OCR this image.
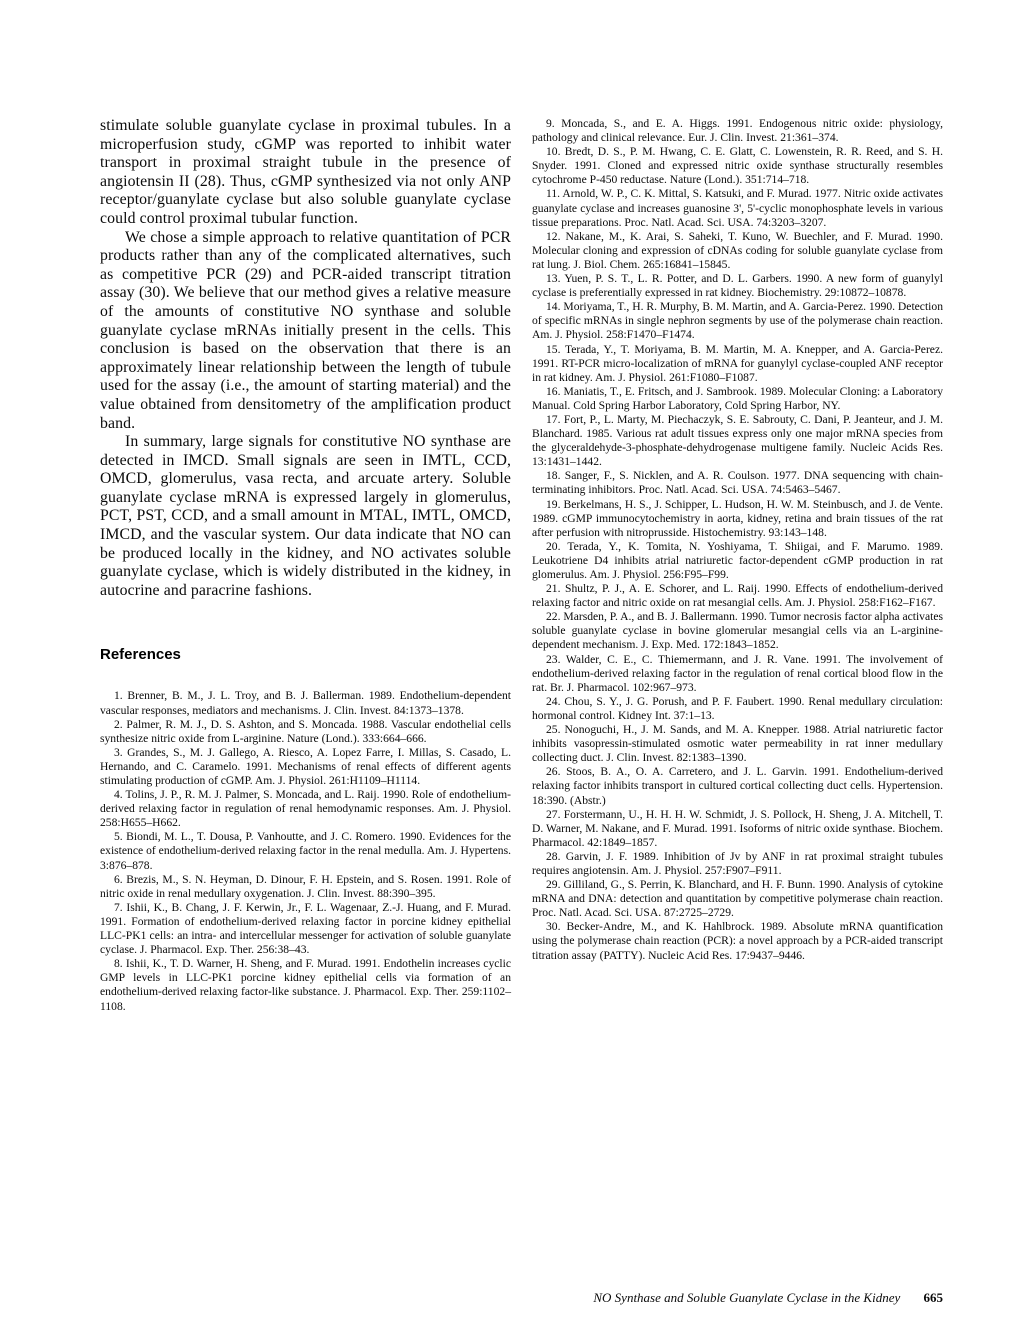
stimulate soluble guanylate cyclase in proximal tubules. In a microperfusion study, cGMP was reported to inhibit water transport in proximal straight tubule in the presence of angiotensin II (28). Thus, cGMP synthesized via not only ANP receptor/guanylate cyclase but also soluble guanylate cyclase could control proximal tubular function.

We chose a simple approach to relative quantitation of PCR products rather than any of the complicated alternatives, such as competitive PCR (29) and PCR-aided transcript titration assay (30). We believe that our method gives a relative measure of the amounts of constitutive NO synthase and soluble guanylate cyclase mRNAs initially present in the cells. This conclusion is based on the observation that there is an approximately linear relationship between the length of tubule used for the assay (i.e., the amount of starting material) and the value obtained from densitometry of the amplification product band.

In summary, large signals for constitutive NO synthase are detected in IMCD. Small signals are seen in IMTL, CCD, OMCD, glomerulus, vasa recta, and arcuate artery. Soluble guanylate cyclase mRNA is expressed largely in glomerulus, PCT, PST, CCD, and a small amount in MTAL, IMTL, OMCD, IMCD, and the vascular system. Our data indicate that NO can be produced locally in the kidney, and NO activates soluble guanylate cyclase, which is widely distributed in the kidney, in autocrine and paracrine fashions.

References

1. Brenner, B. M., J. L. Troy, and B. J. Ballerman. 1989. Endothelium-dependent vascular responses, mediators and mechanisms. J. Clin. Invest. 84:1373–1378.

2. Palmer, R. M. J., D. S. Ashton, and S. Moncada. 1988. Vascular endothelial cells synthesize nitric oxide from L-arginine. Nature (Lond.). 333:664–666.

3. Grandes, S., M. J. Gallego, A. Riesco, A. Lopez Farre, I. Millas, S. Casado, L. Hernando, and C. Caramelo. 1991. Mechanisms of renal effects of different agents stimulating production of cGMP. Am. J. Physiol. 261:H1109–H1114.

4. Tolins, J. P., R. M. J. Palmer, S. Moncada, and L. Raij. 1990. Role of endothelium-derived relaxing factor in regulation of renal hemodynamic responses. Am. J. Physiol. 258:H655–H662.

5. Biondi, M. L., T. Dousa, P. Vanhoutte, and J. C. Romero. 1990. Evidences for the existence of endothelium-derived relaxing factor in the renal medulla. Am. J. Hypertens. 3:876–878.

6. Brezis, M., S. N. Heyman, D. Dinour, F. H. Epstein, and S. Rosen. 1991. Role of nitric oxide in renal medullary oxygenation. J. Clin. Invest. 88:390–395.

7. Ishii, K., B. Chang, J. F. Kerwin, Jr., F. L. Wagenaar, Z.-J. Huang, and F. Murad. 1991. Formation of endothelium-derived relaxing factor in porcine kidney epithelial LLC-PK1 cells: an intra- and intercellular messenger for activation of soluble guanylate cyclase. J. Pharmacol. Exp. Ther. 256:38–43.

8. Ishii, K., T. D. Warner, H. Sheng, and F. Murad. 1991. Endothelin increases cyclic GMP levels in LLC-PK1 porcine kidney epithelial cells via formation of an endothelium-derived relaxing factor-like substance. J. Pharmacol. Exp. Ther. 259:1102–1108.

9. Moncada, S., and E. A. Higgs. 1991. Endogenous nitric oxide: physiology, pathology and clinical relevance. Eur. J. Clin. Invest. 21:361–374.

10. Bredt, D. S., P. M. Hwang, C. E. Glatt, C. Lowenstein, R. R. Reed, and S. H. Snyder. 1991. Cloned and expressed nitric oxide synthase structurally resembles cytochrome P-450 reductase. Nature (Lond.). 351:714–718.

11. Arnold, W. P., C. K. Mittal, S. Katsuki, and F. Murad. 1977. Nitric oxide activates guanylate cyclase and increases guanosine 3', 5'-cyclic monophosphate levels in various tissue preparations. Proc. Natl. Acad. Sci. USA. 74:3203–3207.

12. Nakane, M., K. Arai, S. Saheki, T. Kuno, W. Buechler, and F. Murad. 1990. Molecular cloning and expression of cDNAs coding for soluble guanylate cyclase from rat lung. J. Biol. Chem. 265:16841–15845.

13. Yuen, P. S. T., L. R. Potter, and D. L. Garbers. 1990. A new form of guanylyl cyclase is preferentially expressed in rat kidney. Biochemistry. 29:10872–10878.

14. Moriyama, T., H. R. Murphy, B. M. Martin, and A. Garcia-Perez. 1990. Detection of specific mRNAs in single nephron segments by use of the polymerase chain reaction. Am. J. Physiol. 258:F1470–F1474.

15. Terada, Y., T. Moriyama, B. M. Martin, M. A. Knepper, and A. Garcia-Perez. 1991. RT-PCR micro-localization of mRNA for guanylyl cyclase-coupled ANF receptor in rat kidney. Am. J. Physiol. 261:F1080–F1087.

16. Maniatis, T., E. Fritsch, and J. Sambrook. 1989. Molecular Cloning: a Laboratory Manual. Cold Spring Harbor Laboratory, Cold Spring Harbor, NY.

17. Fort, P., L. Marty, M. Piechaczyk, S. E. Sabrouty, C. Dani, P. Jeanteur, and J. M. Blanchard. 1985. Various rat adult tissues express only one major mRNA species from the glyceraldehyde-3-phosphate-dehydrogenase multigene family. Nucleic Acids Res. 13:1431–1442.

18. Sanger, F., S. Nicklen, and A. R. Coulson. 1977. DNA sequencing with chain-terminating inhibitors. Proc. Natl. Acad. Sci. USA. 74:5463–5467.

19. Berkelmans, H. S., J. Schipper, L. Hudson, H. W. M. Steinbusch, and J. de Vente. 1989. cGMP immunocytochemistry in aorta, kidney, retina and brain tissues of the rat after perfusion with nitroprusside. Histochemistry. 93:143–148.

20. Terada, Y., K. Tomita, N. Yoshiyama, T. Shiigai, and F. Marumo. 1989. Leukotriene D4 inhibits atrial natriuretic factor-dependent cGMP production in rat glomerulus. Am. J. Physiol. 256:F95–F99.

21. Shultz, P. J., A. E. Schorer, and L. Raij. 1990. Effects of endothelium-derived relaxing factor and nitric oxide on rat mesangial cells. Am. J. Physiol. 258:F162–F167.

22. Marsden, P. A., and B. J. Ballermann. 1990. Tumor necrosis factor alpha activates soluble guanylate cyclase in bovine glomerular mesangial cells via an L-arginine-dependent mechanism. J. Exp. Med. 172:1843–1852.

23. Walder, C. E., C. Thiemermann, and J. R. Vane. 1991. The involvement of endothelium-derived relaxing factor in the regulation of renal cortical blood flow in the rat. Br. J. Pharmacol. 102:967–973.

24. Chou, S. Y., J. G. Porush, and P. F. Faubert. 1990. Renal medullary circulation: hormonal control. Kidney Int. 37:1–13.

25. Nonoguchi, H., J. M. Sands, and M. A. Knepper. 1988. Atrial natriuretic factor inhibits vasopressin-stimulated osmotic water permeability in rat inner medullary collecting duct. J. Clin. Invest. 82:1383–1390.

26. Stoos, B. A., O. A. Carretero, and J. L. Garvin. 1991. Endothelium-derived relaxing factor inhibits transport in cultured cortical collecting duct cells. Hypertension. 18:390. (Abstr.)

27. Forstermann, U., H. H. H. W. Schmidt, J. S. Pollock, H. Sheng, J. A. Mitchell, T. D. Warner, M. Nakane, and F. Murad. 1991. Isoforms of nitric oxide synthase. Biochem. Pharmacol. 42:1849–1857.

28. Garvin, J. F. 1989. Inhibition of Jv by ANF in rat proximal straight tubules requires angiotensin. Am. J. Physiol. 257:F907–F911.

29. Gilliland, G., S. Perrin, K. Blanchard, and H. F. Bunn. 1990. Analysis of cytokine mRNA and DNA: detection and quantitation by competitive polymerase chain reaction. Proc. Natl. Acad. Sci. USA. 87:2725–2729.

30. Becker-Andre, M., and K. Hahlbrock. 1989. Absolute mRNA quantification using the polymerase chain reaction (PCR): a novel approach by a PCR-aided transcript titration assay (PATTY). Nucleic Acid Res. 17:9437–9446.

NO Synthase and Soluble Guanylate Cyclase in the Kidney 665
